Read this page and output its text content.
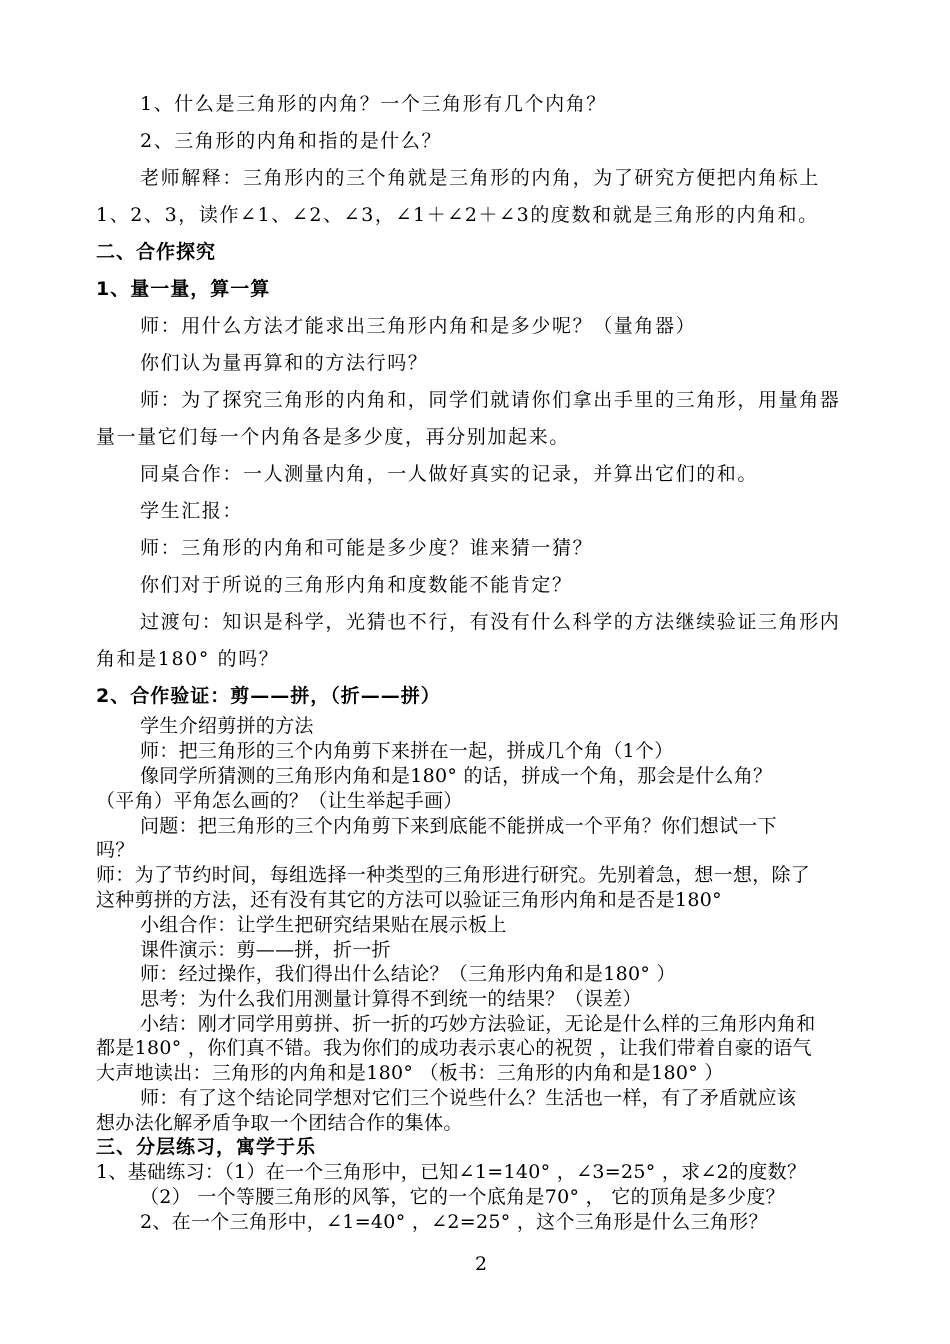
1、什么是三角形的内角？一个三角形有几个内角？
2、三角形的内角和指的是什么？
老师解释：三角形内的三个角就是三角形的内角，为了研究方便把内角标上
1、2、3，读作∠1、∠2、∠3，∠1＋∠2＋∠3的度数和就是三角形的内角和。
二、合作探究
1、量一量，算一算
师：用什么方法才能求出三角形内角和是多少呢？（量角器）
你们认为量再算和的方法行吗？
师：为了探究三角形的内角和，同学们就请你们拿出手里的三角形，用量角器
量一量它们每一个内角各是多少度，再分别加起来。
同桌合作：一人测量内角，一人做好真实的记录，并算出它们的和。
学生汇报：
师：三角形的内角和可能是多少度？谁来猜一猜？
你们对于所说的三角形内角和度数能不能肯定？
过渡句：知识是科学，光猜也不行，有没有什么科学的方法继续验证三角形内
角和是180° 的吗？
2、合作验证：剪——拼，（折——拼）
学生介绍剪拼的方法
师：把三角形的三个内角剪下来拼在一起，拼成几个角（1个）
像同学所猜测的三角形内角和是180° 的话，拼成一个角，那会是什么角？
（平角）平角怎么画的？（让生举起手画）
问题：把三角形的三个内角剪下来到底能不能拼成一个平角？你们想试一下
吗？
师：为了节约时间，每组选择一种类型的三角形进行研究。先别着急，想一想，除了
这种剪拼的方法，还有没有其它的方法可以验证三角形内角和是否是180°
小组合作：让学生把研究结果贴在展示板上
课件演示：剪——拼，折一折
师：经过操作，我们得出什么结论？（三角形内角和是180° ）
思考：为什么我们用测量计算得不到统一的结果？（误差）
小结：刚才同学用剪拼、折一折的巧妙方法验证，无论是什么样的三角形内角和
都是180° ，你们真不错。我为你们的成功表示衷心的祝贺 ，让我们带着自豪的语气
大声地读出：三角形的内角和是180° （板书：三角形的内角和是180° ）
师：有了这个结论同学想对它们三个说些什么？生活也一样，有了矛盾就应该
想办法化解矛盾争取一个团结合作的集体。
三、分层练习，寓学于乐
1、基础练习：（1）在一个三角形中，已知∠1=140° ，∠3=25° ，求∠2的度数？
（2） 一个等腰三角形的风筝，它的一个底角是70° ， 它的顶角是多少度？
2、在一个三角形中，∠1=40° ，∠2=25° ，这个三角形是什么三角形？
2
